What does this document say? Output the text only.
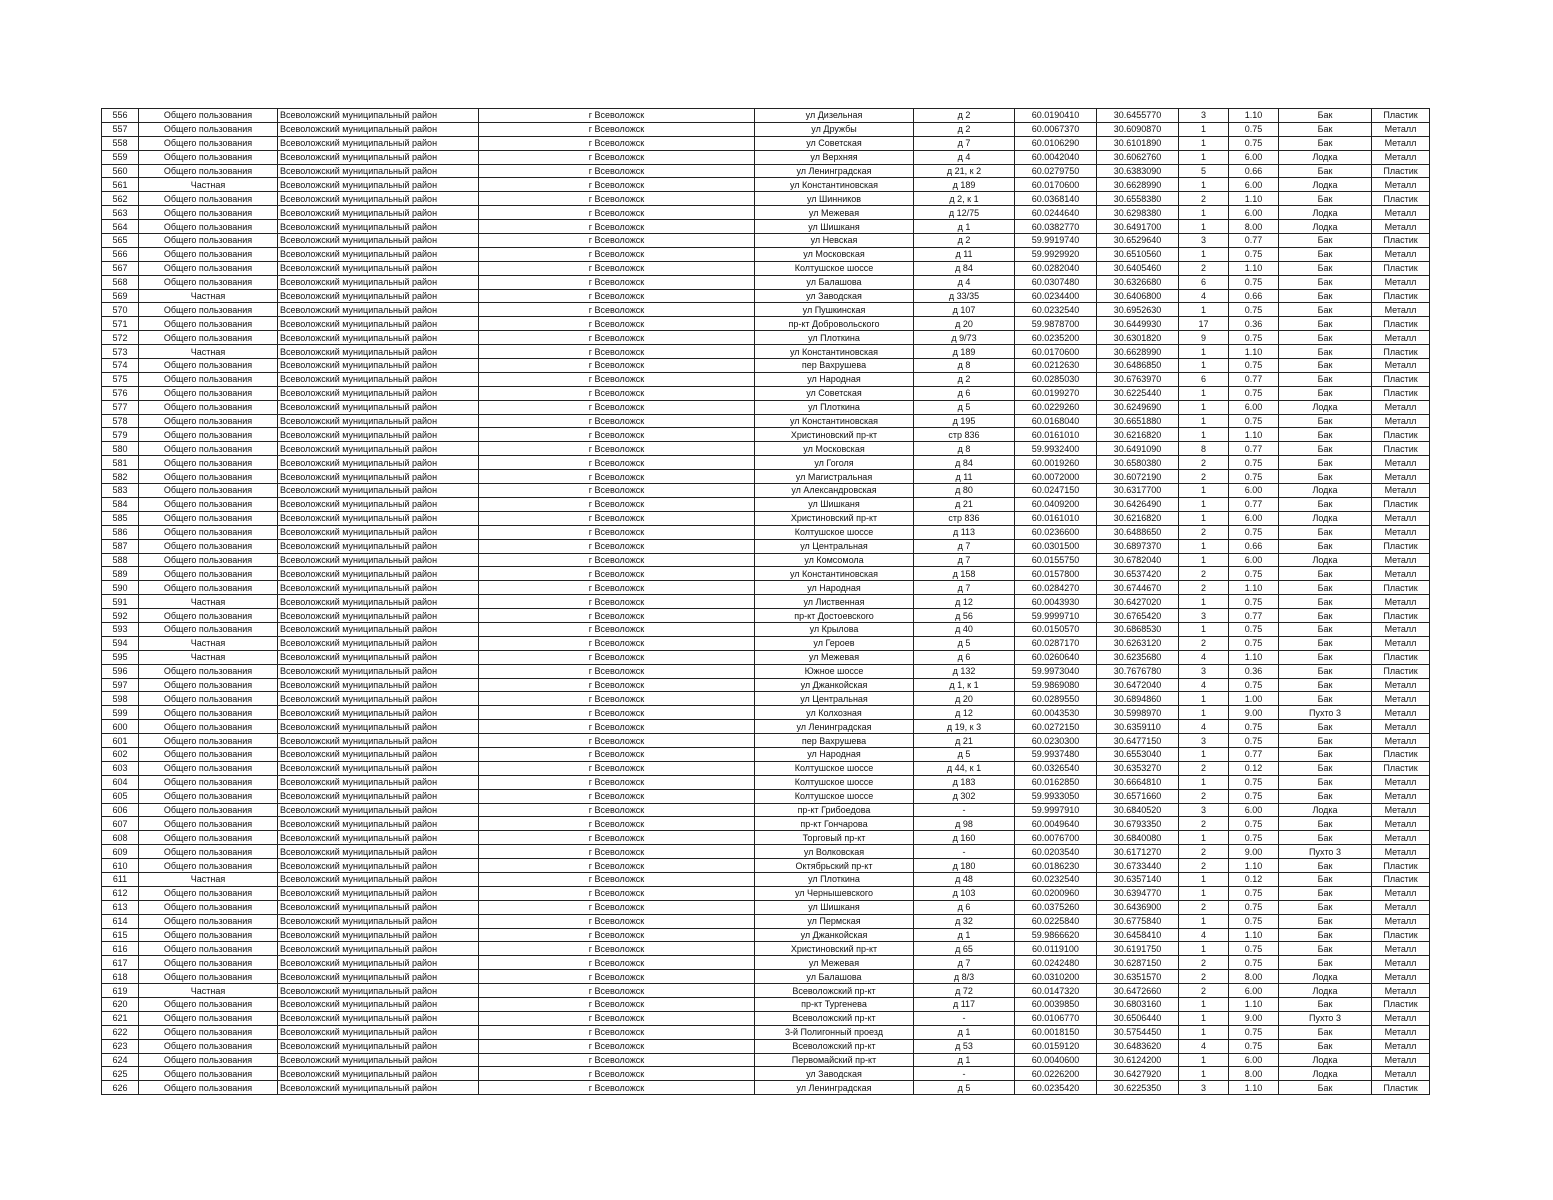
556	Общего пользования	Всеволожский муниципальный район	г Всеволожск	ул Дизельная	д 2	60.0190410	30.6455770	3	1.10	Бак	Пластик
557	Общего пользования	Всеволожский муниципальный район	г Всеволожск	ул Дружбы	д 2	60.0067370	30.6090870	1	0.75	Бак	Металл
558	Общего пользования	Всеволожский муниципальный район	г Всеволожск	ул Советская	д 7	60.0106290	30.6101890	1	0.75	Бак	Металл
559	Общего пользования	Всеволожский муниципальный район	г Всеволожск	ул Верхняя	д 4	60.0042040	30.6062760	1	6.00	Лодка	Металл
560	Общего пользования	Всеволожский муниципальный район	г Всеволожск	ул Ленинградская	д 21, к 2	60.0279750	30.6383090	5	0.66	Бак	Пластик
561	Частная	Всеволожский муниципальный район	г Всеволожск	ул Константиновская	д 189	60.0170600	30.6628990	1	6.00	Лодка	Металл
562	Общего пользования	Всеволожский муниципальный район	г Всеволожск	ул Шинников	д 2, к 1	60.0368140	30.6558380	2	1.10	Бак	Пластик
563	Общего пользования	Всеволожский муниципальный район	г Всеволожск	ул Межевая	д 12/75	60.0244640	30.6298380	1	6.00	Лодка	Металл
564	Общего пользования	Всеволожский муниципальный район	г Всеволожск	ул Шишканя	д 1	60.0382770	30.6491700	1	8.00	Лодка	Металл
565	Общего пользования	Всеволожский муниципальный район	г Всеволожск	ул Невская	д 2	59.9919740	30.6529640	3	0.77	Бак	Пластик
566	Общего пользования	Всеволожский муниципальный район	г Всеволожск	ул Московская	д 11	59.9929920	30.6510560	1	0.75	Бак	Металл
567	Общего пользования	Всеволожский муниципальный район	г Всеволожск	Колтушское шоссе	д 84	60.0282040	30.6405460	2	1.10	Бак	Пластик
568	Общего пользования	Всеволожский муниципальный район	г Всеволожск	ул Балашова	д 4	60.0307480	30.6326680	6	0.75	Бак	Металл
569	Частная	Всеволожский муниципальный район	г Всеволожск	ул Заводская	д 33/35	60.0234400	30.6406800	4	0.66	Бак	Пластик
570	Общего пользования	Всеволожский муниципальный район	г Всеволожск	ул Пушкинская	д 107	60.0232540	30.6952630	1	0.75	Бак	Металл
571	Общего пользования	Всеволожский муниципальный район	г Всеволожск	пр-кт Добровольского	д 20	59.9878700	30.6449930	17	0.36	Бак	Пластик
572	Общего пользования	Всеволожский муниципальный район	г Всеволожск	ул Плоткина	д 9/73	60.0235200	30.6301820	9	0.75	Бак	Металл
573	Частная	Всеволожский муниципальный район	г Всеволожск	ул Константиновская	д 189	60.0170600	30.6628990	1	1.10	Бак	Пластик
574	Общего пользования	Всеволожский муниципальный район	г Всеволожск	пер Вахрушева	д 8	60.0212630	30.6486850	1	0.75	Бак	Металл
575	Общего пользования	Всеволожский муниципальный район	г Всеволожск	ул Народная	д 2	60.0285030	30.6763970	6	0.77	Бак	Пластик
576	Общего пользования	Всеволожский муниципальный район	г Всеволожск	ул Советская	д 6	60.0199270	30.6225440	1	0.75	Бак	Пластик
577	Общего пользования	Всеволожский муниципальный район	г Всеволожск	ул Плоткина	д 5	60.0229260	30.6249690	1	6.00	Лодка	Металл
578	Общего пользования	Всеволожский муниципальный район	г Всеволожск	ул Константиновская	д 195	60.0168040	30.6651880	1	0.75	Бак	Металл
579	Общего пользования	Всеволожский муниципальный район	г Всеволожск	Христиновский пр-кт	стр 836	60.0161010	30.6216820	1	1.10	Бак	Пластик
580	Общего пользования	Всеволожский муниципальный район	г Всеволожск	ул Московская	д 8	59.9932400	30.6491090	8	0.77	Бак	Пластик
581	Общего пользования	Всеволожский муниципальный район	г Всеволожск	ул Гоголя	д 84	60.0019260	30.6580380	2	0.75	Бак	Металл
582	Общего пользования	Всеволожский муниципальный район	г Всеволожск	ул Магистральная	д 11	60.0072000	30.6072190	2	0.75	Бак	Металл
583	Общего пользования	Всеволожский муниципальный район	г Всеволожск	ул Александровская	д 80	60.0247150	30.6317700	1	6.00	Лодка	Металл
584	Общего пользования	Всеволожский муниципальный район	г Всеволожск	ул Шишканя	д 21	60.0409200	30.6426490	1	0.77	Бак	Пластик
585	Общего пользования	Всеволожский муниципальный район	г Всеволожск	Христиновский пр-кт	стр 836	60.0161010	30.6216820	1	6.00	Лодка	Металл
586	Общего пользования	Всеволожский муниципальный район	г Всеволожск	Колтушское шоссе	д 113	60.0236600	30.6488650	2	0.75	Бак	Металл
587	Общего пользования	Всеволожский муниципальный район	г Всеволожск	ул Центральная	д 7	60.0301500	30.6897370	1	0.66	Бак	Пластик
588	Общего пользования	Всеволожский муниципальный район	г Всеволожск	ул Комсомола	д 7	60.0155750	30.6782040	1	6.00	Лодка	Металл
589	Общего пользования	Всеволожский муниципальный район	г Всеволожск	ул Константиновская	д 158	60.0157800	30.6537420	2	0.75	Бак	Металл
590	Общего пользования	Всеволожский муниципальный район	г Всеволожск	ул Народная	д 7	60.0284270	30.6744670	2	1.10	Бак	Пластик
591	Частная	Всеволожский муниципальный район	г Всеволожск	ул Лиственная	д 12	60.0043930	30.6427020	1	0.75	Бак	Металл
592	Общего пользования	Всеволожский муниципальный район	г Всеволожск	пр-кт Достоевского	д 56	59.9999710	30.6765420	3	0.77	Бак	Пластик
593	Общего пользования	Всеволожский муниципальный район	г Всеволожск	ул Крылова	д 40	60.0150570	30.6868530	1	0.75	Бак	Металл
594	Частная	Всеволожский муниципальный район	г Всеволожск	ул Героев	д 5	60.0287170	30.6263120	2	0.75	Бак	Металл
595	Частная	Всеволожский муниципальный район	г Всеволожск	ул Межевая	д 6	60.0260640	30.6235680	4	1.10	Бак	Пластик
596	Общего пользования	Всеволожский муниципальный район	г Всеволожск	Южное шоссе	д 132	59.9973040	30.7676780	3	0.36	Бак	Пластик
597	Общего пользования	Всеволожский муниципальный район	г Всеволожск	ул Джанкойская	д 1, к 1	59.9869080	30.6472040	4	0.75	Бак	Металл
598	Общего пользования	Всеволожский муниципальный район	г Всеволожск	ул Центральная	д 20	60.0289550	30.6894860	1	1.00	Бак	Металл
599	Общего пользования	Всеволожский муниципальный район	г Всеволожск	ул Колхозная	д 12	60.0043530	30.5998970	1	9.00	Пухто 3	Металл
600	Общего пользования	Всеволожский муниципальный район	г Всеволожск	ул Ленинградская	д 19, к 3	60.0272150	30.6359110	4	0.75	Бак	Металл
601	Общего пользования	Всеволожский муниципальный район	г Всеволожск	пер Вахрушева	д 21	60.0230300	30.6477150	3	0.75	Бак	Металл
602	Общего пользования	Всеволожский муниципальный район	г Всеволожск	ул Народная	д 5	59.9937480	30.6553040	1	0.77	Бак	Пластик
603	Общего пользования	Всеволожский муниципальный район	г Всеволожск	Колтушское шоссе	д 44, к 1	60.0326540	30.6353270	2	0.12	Бак	Пластик
604	Общего пользования	Всеволожский муниципальный район	г Всеволожск	Колтушское шоссе	д 183	60.0162850	30.6664810	1	0.75	Бак	Металл
605	Общего пользования	Всеволожский муниципальный район	г Всеволожск	Колтушское шоссе	д 302	59.9933050	30.6571660	2	0.75	Бак	Металл
606	Общего пользования	Всеволожский муниципальный район	г Всеволожск	пр-кт Грибоедова	-	59.9997910	30.6840520	3	6.00	Лодка	Металл
607	Общего пользования	Всеволожский муниципальный район	г Всеволожск	пр-кт Гончарова	д 98	60.0049640	30.6793350	2	0.75	Бак	Металл
608	Общего пользования	Всеволожский муниципальный район	г Всеволожск	Торговый пр-кт	д 160	60.0076700	30.6840080	1	0.75	Бак	Металл
609	Общего пользования	Всеволожский муниципальный район	г Всеволожск	ул Волковская	-	60.0203540	30.6171270	2	9.00	Пухто 3	Металл
610	Общего пользования	Всеволожский муниципальный район	г Всеволожск	Октябрьский пр-кт	д 180	60.0186230	30.6733440	2	1.10	Бак	Пластик
611	Частная	Всеволожский муниципальный район	г Всеволожск	ул Плоткина	д 48	60.0232540	30.6357140	1	0.12	Бак	Пластик
612	Общего пользования	Всеволожский муниципальный район	г Всеволожск	ул Чернышевского	д 103	60.0200960	30.6394770	1	0.75	Бак	Металл
613	Общего пользования	Всеволожский муниципальный район	г Всеволожск	ул Шишканя	д 6	60.0375260	30.6436900	2	0.75	Бак	Металл
614	Общего пользования	Всеволожский муниципальный район	г Всеволожск	ул Пермская	д 32	60.0225840	30.6775840	1	0.75	Бак	Металл
615	Общего пользования	Всеволожский муниципальный район	г Всеволожск	ул Джанкойская	д 1	59.9866620	30.6458410	4	1.10	Бак	Пластик
616	Общего пользования	Всеволожский муниципальный район	г Всеволожск	Христиновский пр-кт	д 65	60.0119100	30.6191750	1	0.75	Бак	Металл
617	Общего пользования	Всеволожский муниципальный район	г Всеволожск	ул Межевая	д 7	60.0242480	30.6287150	2	0.75	Бак	Металл
618	Общего пользования	Всеволожский муниципальный район	г Всеволожск	ул Балашова	д 8/3	60.0310200	30.6351570	2	8.00	Лодка	Металл
619	Частная	Всеволожский муниципальный район	г Всеволожск	Всеволожский пр-кт	д 72	60.0147320	30.6472660	2	6.00	Лодка	Металл
620	Общего пользования	Всеволожский муниципальный район	г Всеволожск	пр-кт Тургенева	д 117	60.0039850	30.6803160	1	1.10	Бак	Пластик
621	Общего пользования	Всеволожский муниципальный район	г Всеволожск	Всеволожский пр-кт	-	60.0106770	30.6506440	1	9.00	Пухто 3	Металл
622	Общего пользования	Всеволожский муниципальный район	г Всеволожск	3-й Полигонный проезд	д 1	60.0018150	30.5754450	1	0.75	Бак	Металл
623	Общего пользования	Всеволожский муниципальный район	г Всеволожск	Всеволожский пр-кт	д 53	60.0159120	30.6483620	4	0.75	Бак	Металл
624	Общего пользования	Всеволожский муниципальный район	г Всеволожск	Первомайский пр-кт	д 1	60.0040600	30.6124200	1	6.00	Лодка	Металл
625	Общего пользования	Всеволожский муниципальный район	г Всеволожск	ул Заводская	-	60.0226200	30.6427920	1	8.00	Лодка	Металл
626	Общего пользования	Всеволожский муниципальный район	г Всеволожск	ул Ленинградская	д 5	60.0235420	30.6225350	3	1.10	Бак	Пластик
